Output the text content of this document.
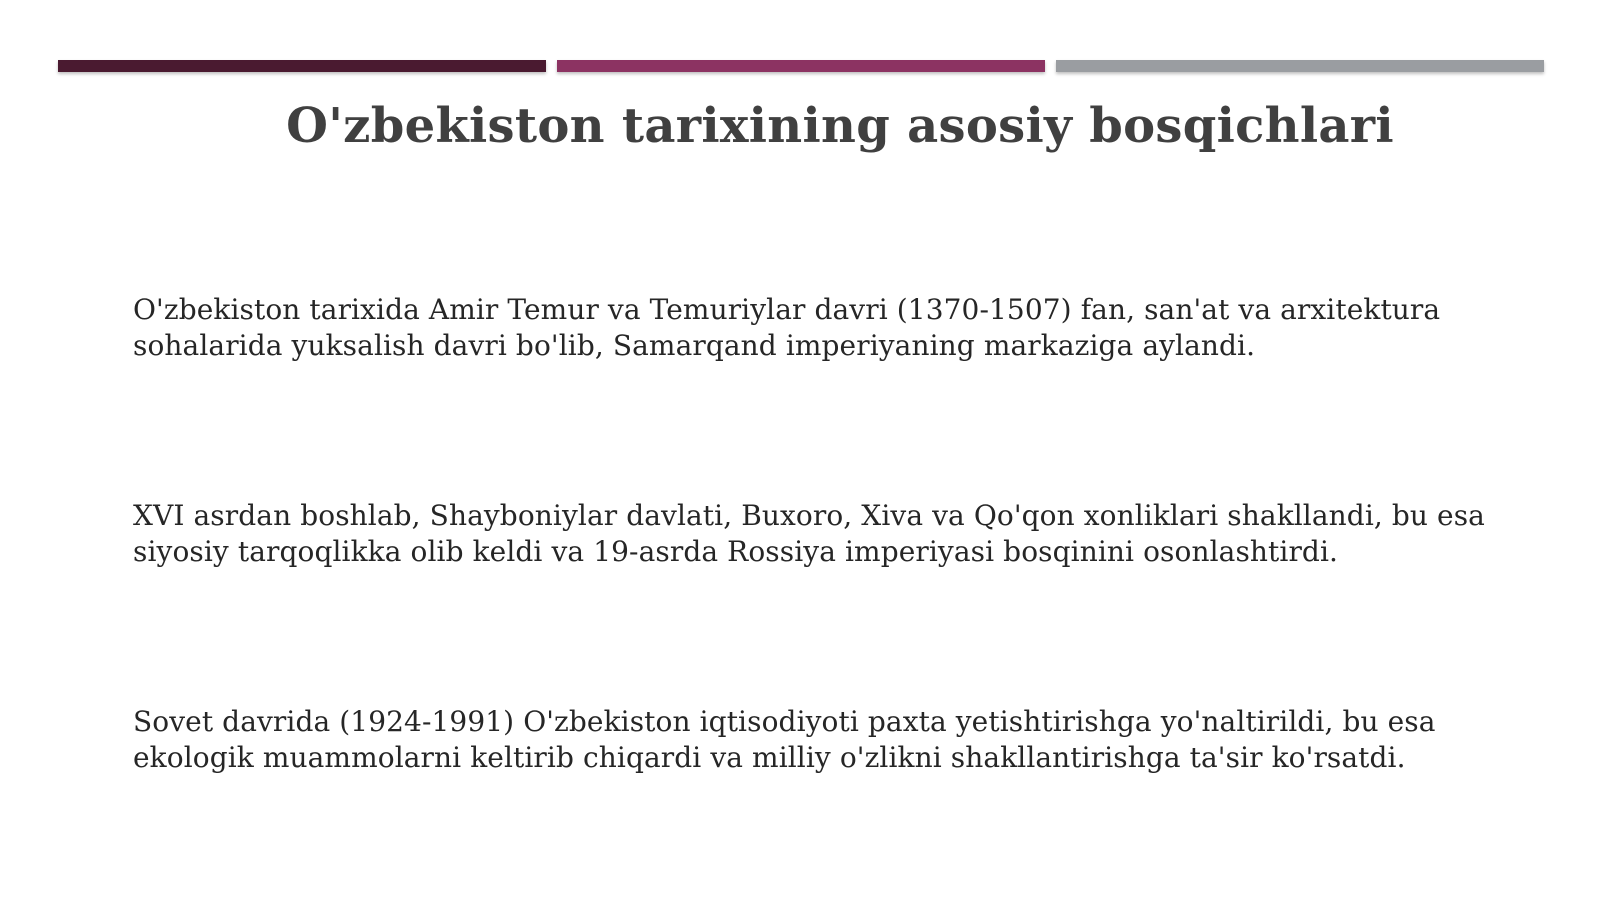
O'zbekiston tarixining asosiy bosqichlari

O'zbekiston tarixida Amir Temur va Temuriylar davri (1370-1507) fan, san'at va arxitektura sohalarida yuksalish davri bo'lib, Samarqand imperiyaning markaziga aylandi.

XVI asrdan boshlab, Shayboniylar davlati, Buxoro, Xiva va Qo'qon xonliklari shakllandi, bu esa siyosiy tarqoqlikka olib keldi va 19-asrda Rossiya imperiyasi bosqinini osonlashtirdi.

Sovet davrida (1924-1991) O'zbekiston iqtisodiyoti paxta yetishtirishga yo'naltirildi, bu esa ekologik muammolarni keltirib chiqardi va milliy o'zlikni shakllantirishga ta'sir ko'rsatdi.
